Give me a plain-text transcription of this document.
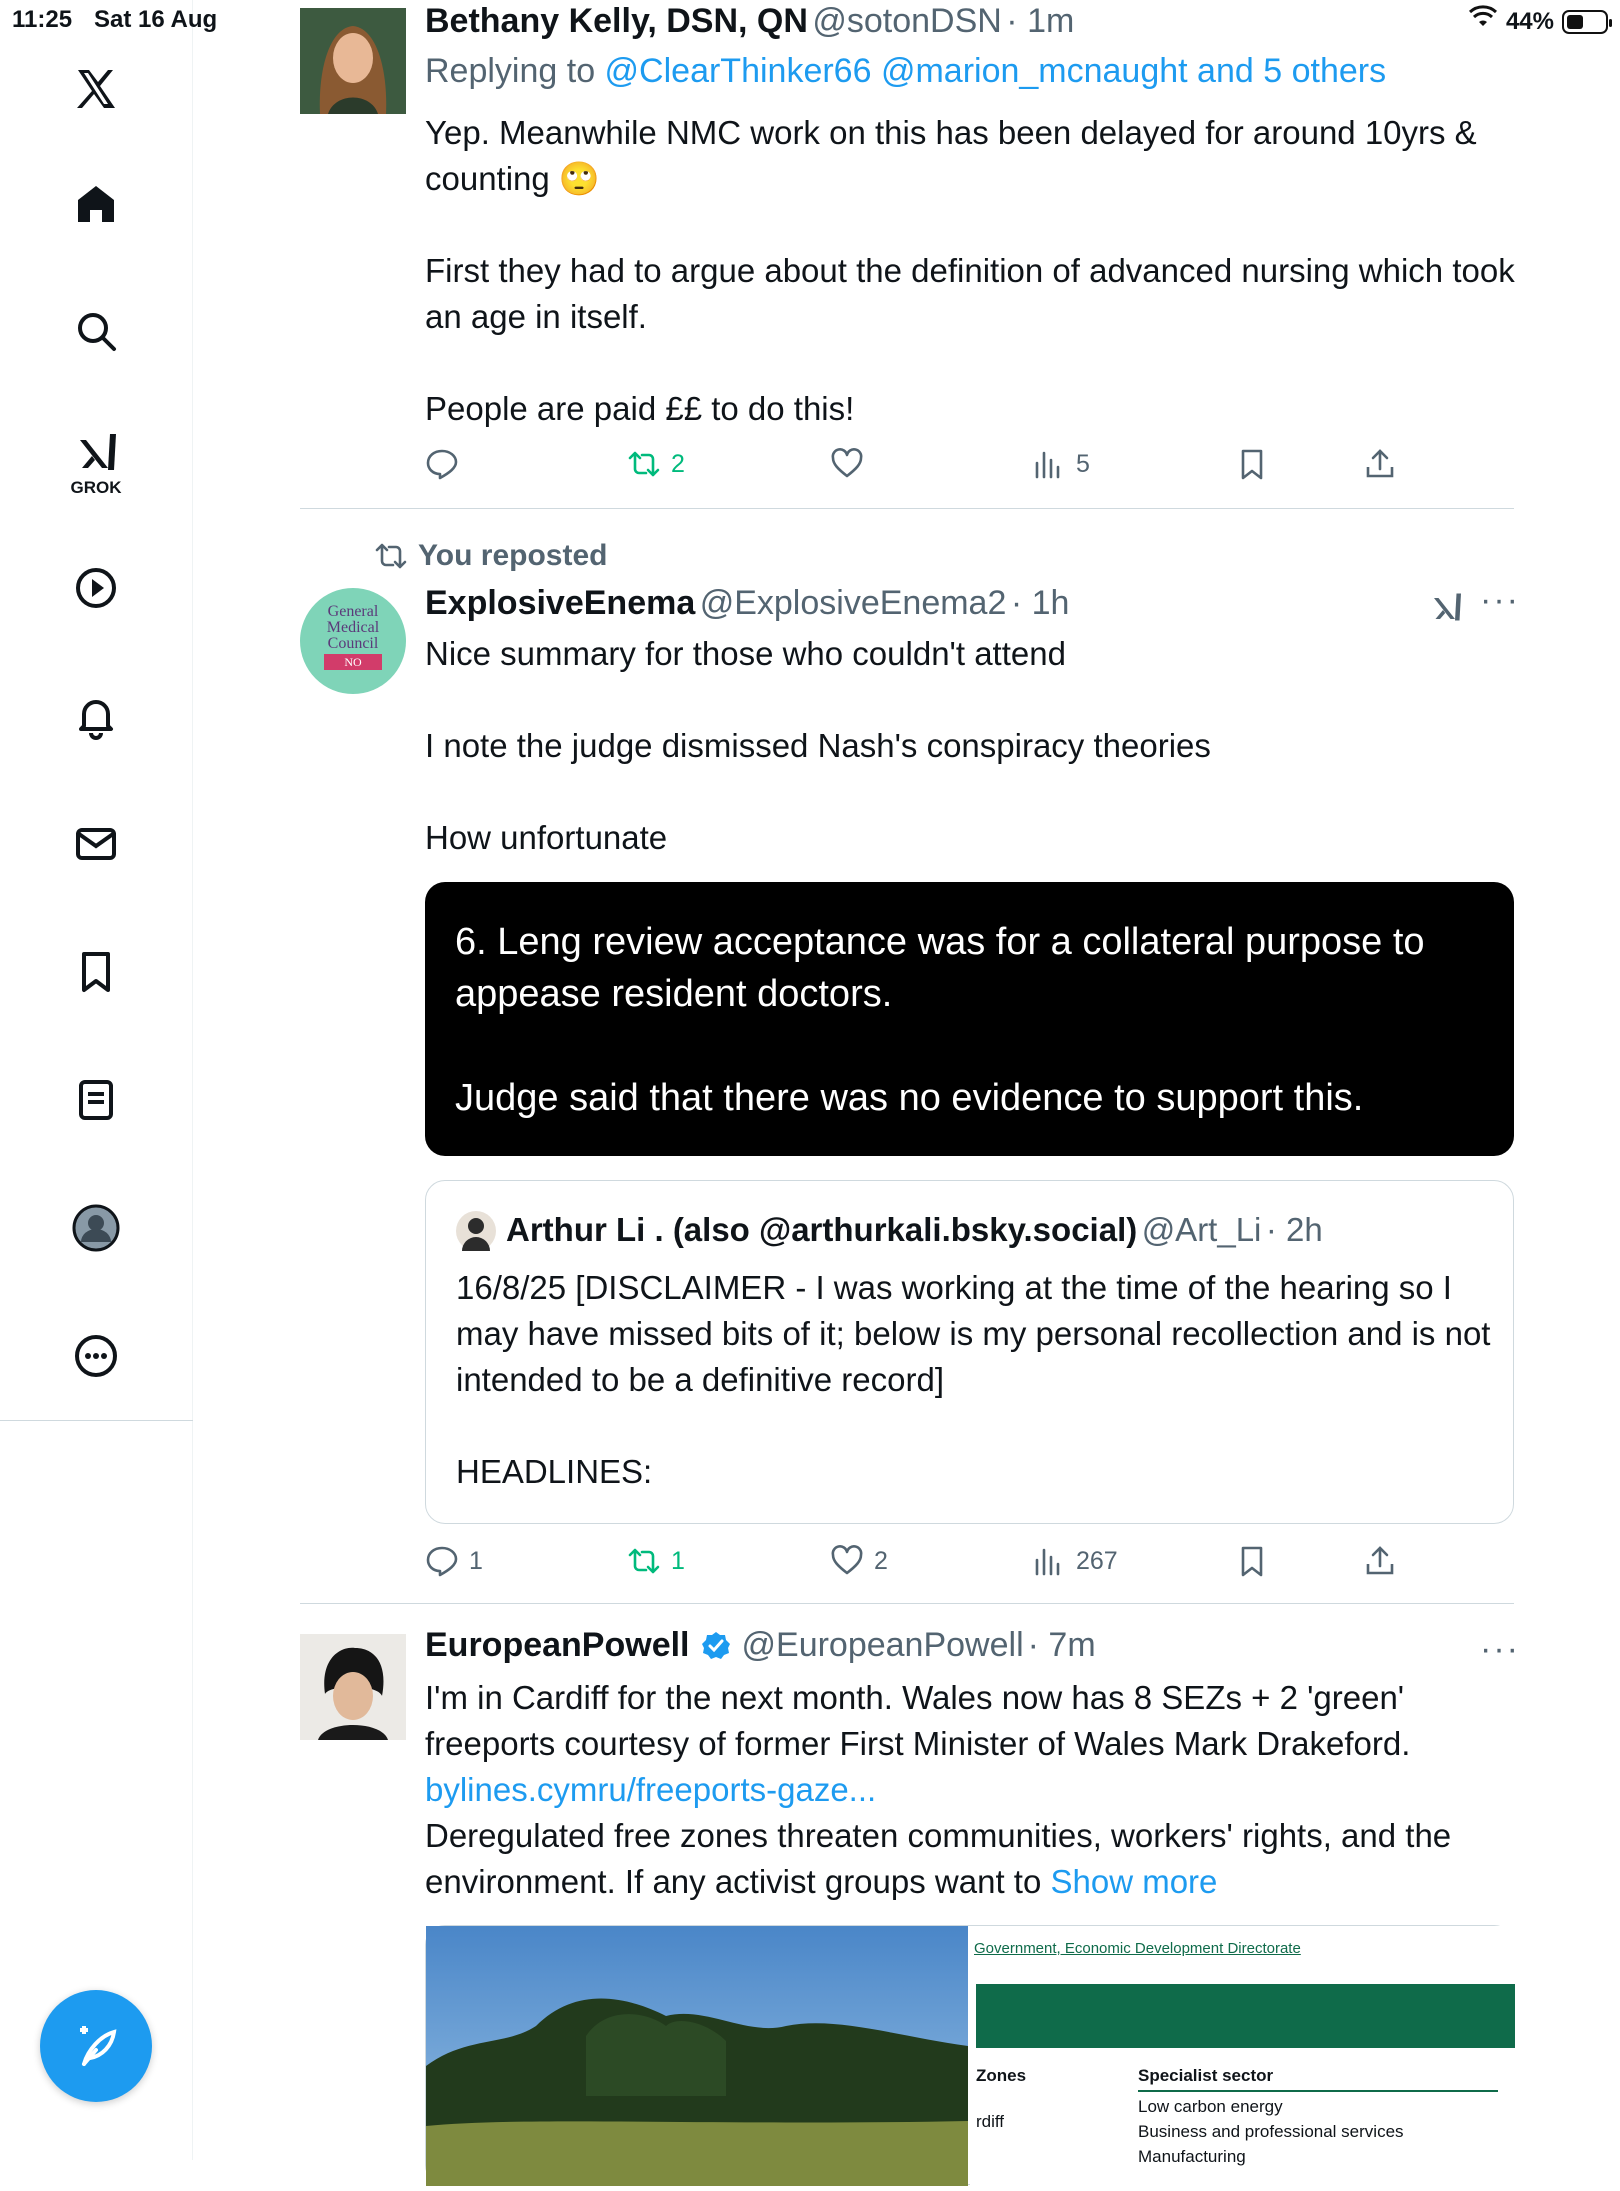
11:25 Sat 16 Aug	44%
GROK
Bethany Kelly, DSN, QN @sotonDSN · 1m
Replying to @ClearThinker66 @marion_mcnaught and 5 others
Yep. Meanwhile NMC work on this has been delayed for around 10yrs & counting 🙄

First they had to argue about the definition of advanced nursing which took an age in itself.

People are paid ££ to do this!
2	5
You reposted
General
Medical
Council
NO
ExplosiveEnema @ExplosiveEnema2 · 1h	···
Nice summary for those who couldn't attend

I note the judge dismissed Nash's conspiracy theories

How unfortunate
6. Leng review acceptance was for a collateral purpose to appease resident doctors.

Judge said that there was no evidence to support this.
Arthur Li . (also @arthurkali.bsky.social) @Art_Li · 2h
16/8/25 [DISCLAIMER - I was working at the time of the hearing so I may have missed bits of it; below is my personal recollection and is not intended to be a definitive record]

HEADLINES:
1	1	2	267
EuropeanPowell @EuropeanPowell · 7m	···
I'm in Cardiff for the next month. Wales now has 8 SEZs + 2 'green' freeports courtesy of former First Minister of Wales Mark Drakeford.
bylines.cymru/freeports-gaze...
Deregulated free zones threaten communities, workers' rights, and the environment. If any activist groups want to Show more
Government, Economic Development Directorate
Zones	Specialist sector
rdiff
Low carbon energy
Business and professional services
Manufacturing
